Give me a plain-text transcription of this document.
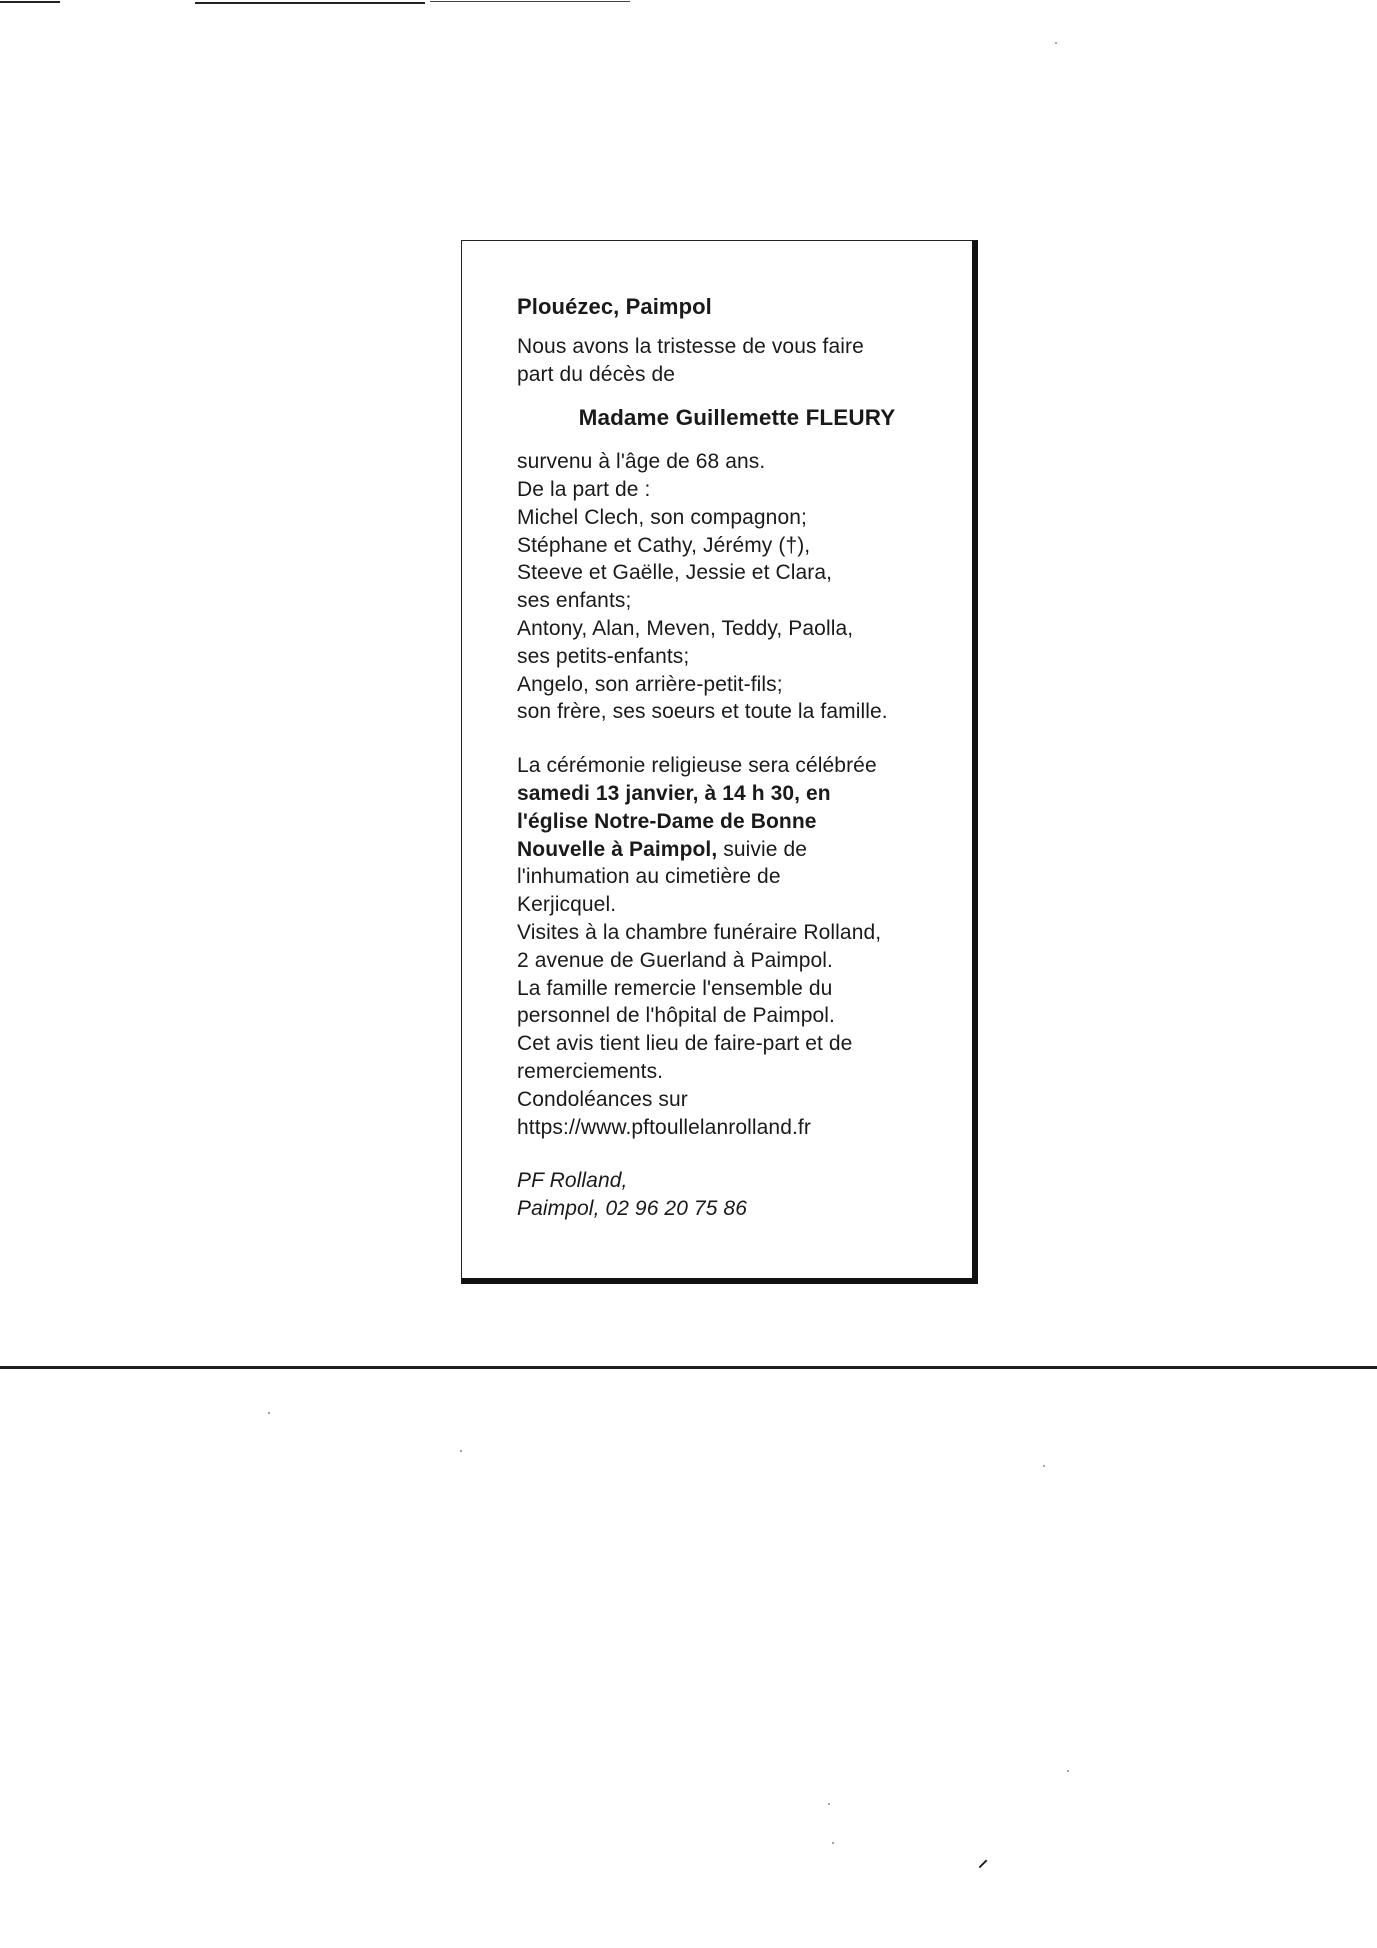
Plouézec, Paimpol
Nous avons la tristesse de vous faire
part du décès de
Madame Guillemette FLEURY
survenu à l'âge de 68 ans.
De la part de :
Michel Clech, son compagnon;
Stéphane et Cathy, Jérémy (†),
Steeve et Gaëlle, Jessie et Clara,
ses enfants;
Antony, Alan, Meven, Teddy, Paolla,
ses petits-enfants;
Angelo, son arrière-petit-fils;
son frère, ses soeurs et toute la famille.
La cérémonie religieuse sera célébrée
samedi 13 janvier, à 14 h 30, en
l'église Notre-Dame de Bonne
Nouvelle à Paimpol, suivie de
l'inhumation au cimetière de
Kerjicquel.
Visites à la chambre funéraire Rolland,
2 avenue de Guerland à Paimpol.
La famille remercie l'ensemble du
personnel de l'hôpital de Paimpol.
Cet avis tient lieu de faire-part et de
remerciements.
Condoléances sur
https://www.pftoullelanrolland.fr
PF Rolland,
Paimpol, 02 96 20 75 86
⸝
